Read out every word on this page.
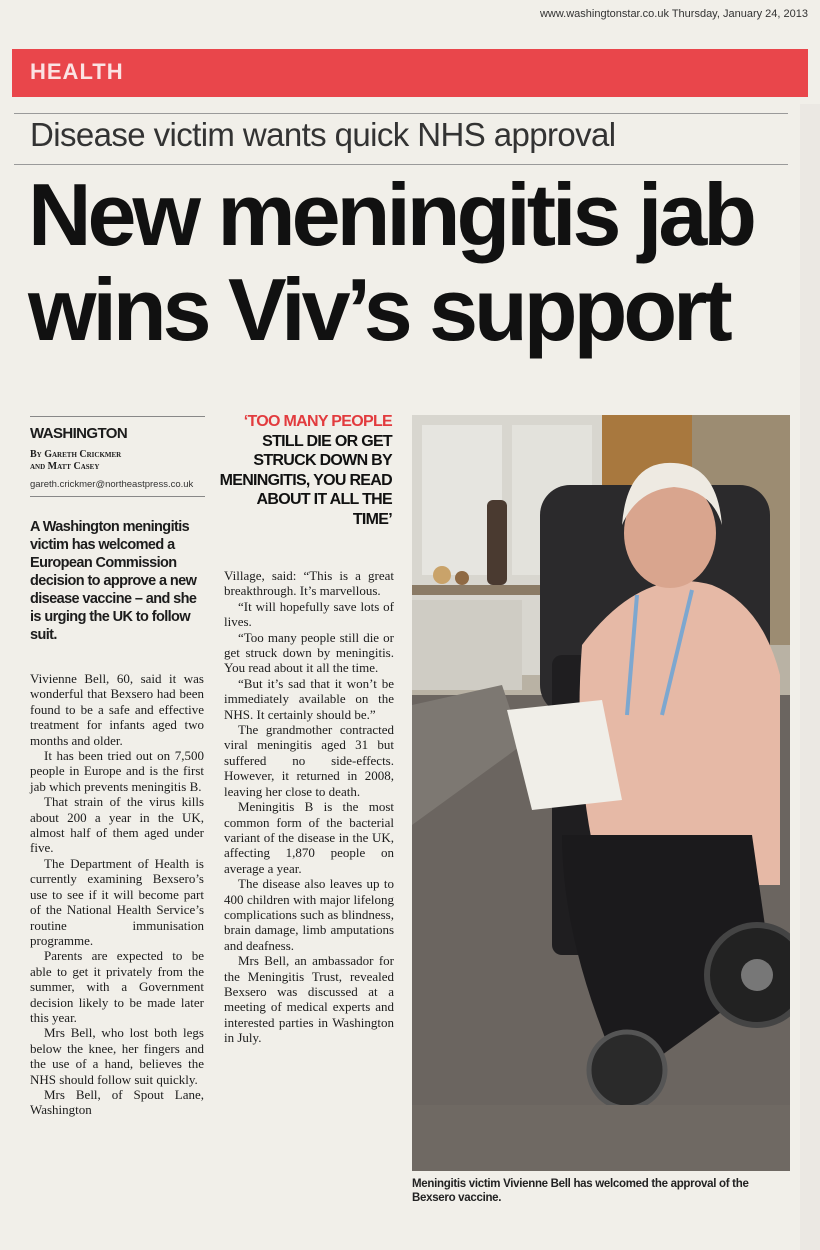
www.washingtonstar.co.uk Thursday, January 24, 2013
HEALTH
Disease victim wants quick NHS approval
New meningitis jab
wins Viv’s support
WASHINGTON
By Gareth Crickmer
and Matt Casey
gareth.crickmer@northeastpress.co.uk
A Washington meningitis victim has welcomed a European Commission decision to approve a new disease vaccine – and she is urging the UK to follow suit.

Vivienne Bell, 60, said it was wonderful that Bexsero had been found to be a safe and effective treatment for infants aged two months and older.

It has been tried out on 7,500 people in Europe and is the first jab which prevents meningitis B.

That strain of the virus kills about 200 a year in the UK, almost half of them aged under five.

The Department of Health is currently examining Bexsero’s use to see if it will become part of the National Health Service’s routine immunisation programme.

Parents are expected to be able to get it privately from the summer, with a Government decision likely to be made later this year.

Mrs Bell, who lost both legs below the knee, her fingers and the use of a hand, believes the NHS should follow suit quickly.

Mrs Bell, of Spout Lane, Washington

‘TOO MANY PEOPLE
STILL DIE OR GET STRUCK DOWN BY MENINGITIS, YOU READ ABOUT IT ALL THE TIME’

Village, said: “This is a great breakthrough. It’s marvellous.

“It will hopefully save lots of lives.

“Too many people still die or get struck down by meningitis. You read about it all the time.

“But it’s sad that it won’t be immediately available on the NHS. It certainly should be.”

The grandmother contracted viral meningitis aged 31 but suffered no side-effects. However, it returned in 2008, leaving her close to death.

Meningitis B is the most common form of the bacterial variant of the disease in the UK, affecting 1,870 people on average a year.

The disease also leaves up to 400 children with major lifelong complications such as blindness, brain damage, limb amputations and deafness.

Mrs Bell, an ambassador for the Meningitis Trust, revealed Bexsero was discussed at a meeting of medical experts and interested parties in Washington in July.

Meningitis victim Vivienne Bell has welcomed the approval of the Bexsero vaccine.
